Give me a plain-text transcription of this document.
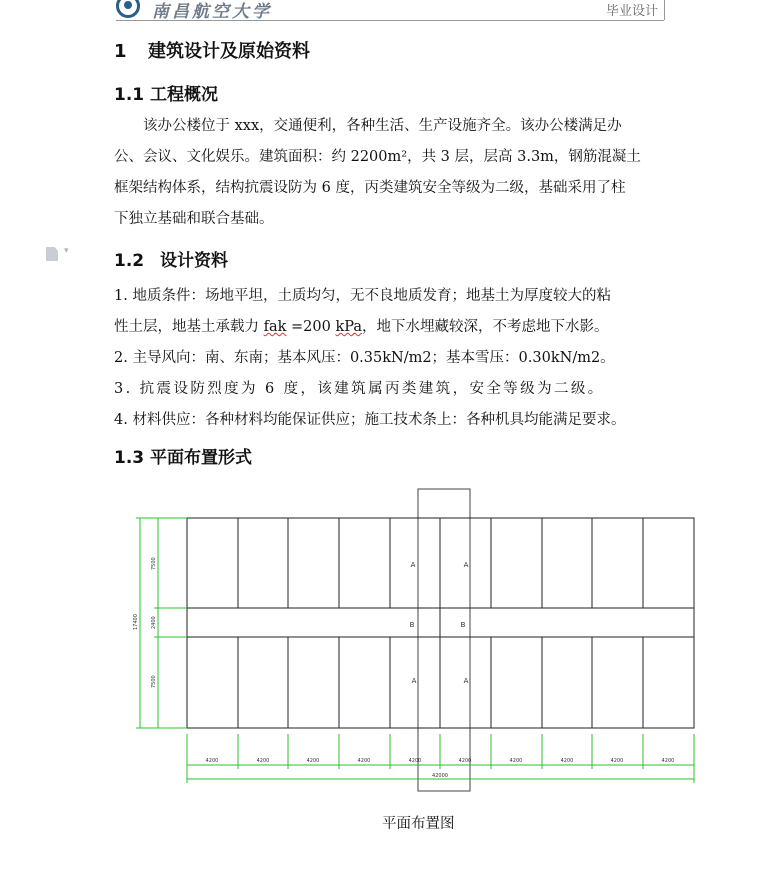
南昌航空大学	毕业设计
1 建筑设计及原始资料
1.1 工程概况

该办公楼位于 xxx，交通便利，各种生活、生产设施齐全。该办公楼满足办

公、会议、文化娱乐。建筑面积：约 2200m²，共 3 层，层高 3.3m，钢筋混凝土

框架结构体系，结构抗震设防为 6 度，丙类建筑安全等级为二级，基础采用了柱

下独立基础和联合基础。

▾	1.2 设计资料
1. 地质条件：场地平坦，土质均匀，无不良地质发育；地基土为厚度较大的粘
性土层，地基土承载力 fak =200 kPa，地下水埋藏较深，不考虑地下水影。
2. 主导风向：南、东南；基本风压：0.35kN/m2；基本雪压：0.30kN/m2。
3. 抗震设防烈度为 6 度，该建筑属丙类建筑，安全等级为二级。
4. 材料供应：各种材料均能保证供应；施工技术条上：各种机具均能满足要求。
1.3 平面布置形式
A	A
B	B
A	A
7500
2400
7500
17400
4200	4200	4200	4200	4200	4200	4200	4200	4200	4200
42000
平面布置图
